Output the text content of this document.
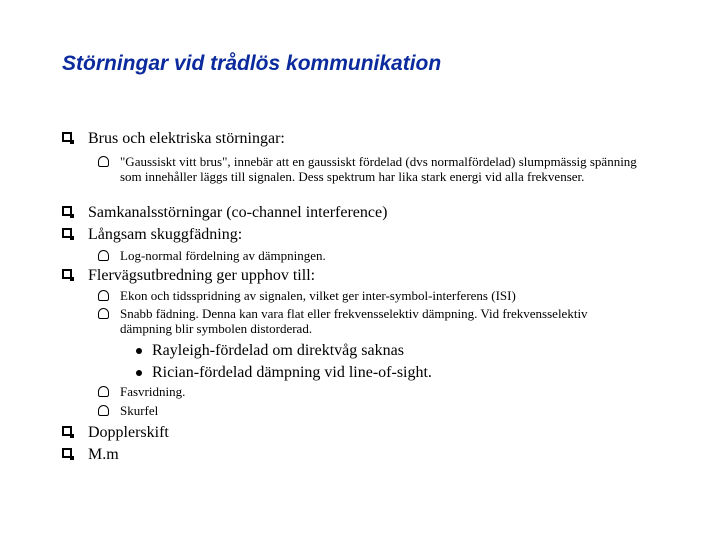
Störningar vid trådlös kommunikation
Brus och elektriska störningar:
"Gaussiskt vitt brus", innebär att en gaussiskt fördelad (dvs normalfördelad) slumpmässig spänning som innehåller läggs till signalen. Dess spektrum har lika stark energi vid alla frekvenser.
Samkanalsstörningar (co-channel interference)
Långsam skuggfädning:
Log-normal fördelning av dämpningen.
Flervägsutbredning ger upphov till:
Ekon och tidsspridning av signalen, vilket ger inter-symbol-interferens (ISI)
Snabb fädning. Denna kan vara flat eller frekvensselektiv dämpning. Vid frekvensselektiv dämpning blir symbolen distorderad.
Rayleigh-fördelad om direktvåg saknas
Rician-fördelad dämpning vid line-of-sight.
Fasvridning.
Skurfel
Dopplerskift
M.m
